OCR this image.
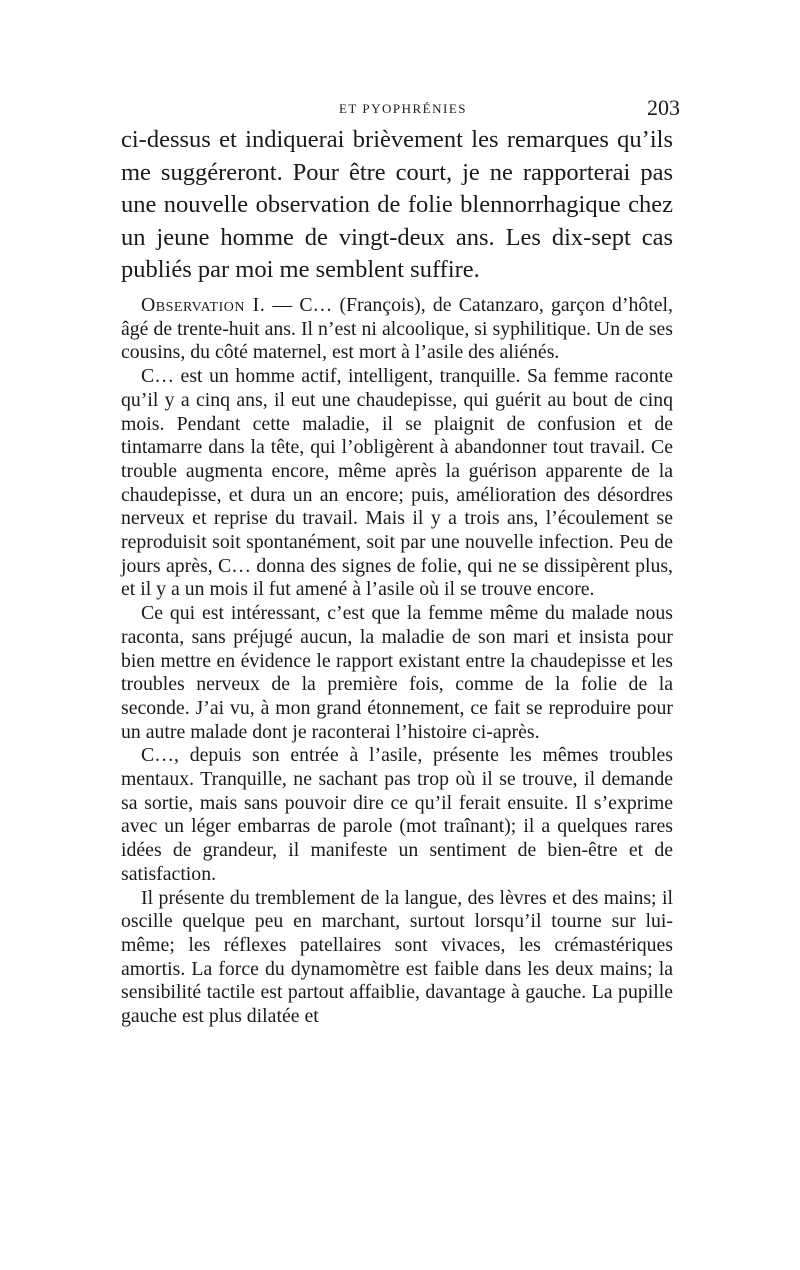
ET PYOPHRÉNIES	203

ci-dessus et indiquerai brièvement les remarques qu’ils me suggéreront. Pour être court, je ne rapporterai pas une nouvelle observation de folie blennorrhagique chez un jeune homme de vingt-deux ans. Les dix-sept cas publiés par moi me semblent suffire.

Observation I. — C… (François), de Catanzaro, garçon d’hôtel, âgé de trente-huit ans. Il n’est ni alcoolique, si syphilitique. Un de ses cousins, du côté maternel, est mort à l’asile des aliénés.

C… est un homme actif, intelligent, tranquille. Sa femme raconte qu’il y a cinq ans, il eut une chaudepisse, qui guérit au bout de cinq mois. Pendant cette maladie, il se plaignit de confusion et de tintamarre dans la tête, qui l’obligèrent à abandonner tout travail. Ce trouble augmenta encore, même après la guérison apparente de la chaudepisse, et dura un an encore; puis, amélioration des désordres nerveux et reprise du travail. Mais il y a trois ans, l’écoulement se reproduisit soit spontanément, soit par une nouvelle infection. Peu de jours après, C… donna des signes de folie, qui ne se dissipèrent plus, et il y a un mois il fut amené à l’asile où il se trouve encore.

Ce qui est intéressant, c’est que la femme même du malade nous raconta, sans préjugé aucun, la maladie de son mari et insista pour bien mettre en évidence le rapport existant entre la chaudepisse et les troubles nerveux de la première fois, comme de la folie de la seconde. J’ai vu, à mon grand étonnement, ce fait se reproduire pour un autre malade dont je raconterai l’histoire ci-après.

C…, depuis son entrée à l’asile, présente les mêmes troubles mentaux. Tranquille, ne sachant pas trop où il se trouve, il demande sa sortie, mais sans pouvoir dire ce qu’il ferait ensuite. Il s’exprime avec un léger embarras de parole (mot traînant); il a quelques rares idées de grandeur, il manifeste un sentiment de bien-être et de satisfaction.

Il présente du tremblement de la langue, des lèvres et des mains; il oscille quelque peu en marchant, surtout lorsqu’il tourne sur lui-même; les réflexes patellaires sont vivaces, les crémastériques amortis. La force du dynamomètre est faible dans les deux mains; la sensibilité tactile est partout affaiblie, davantage à gauche. La pupille gauche est plus dilatée et
